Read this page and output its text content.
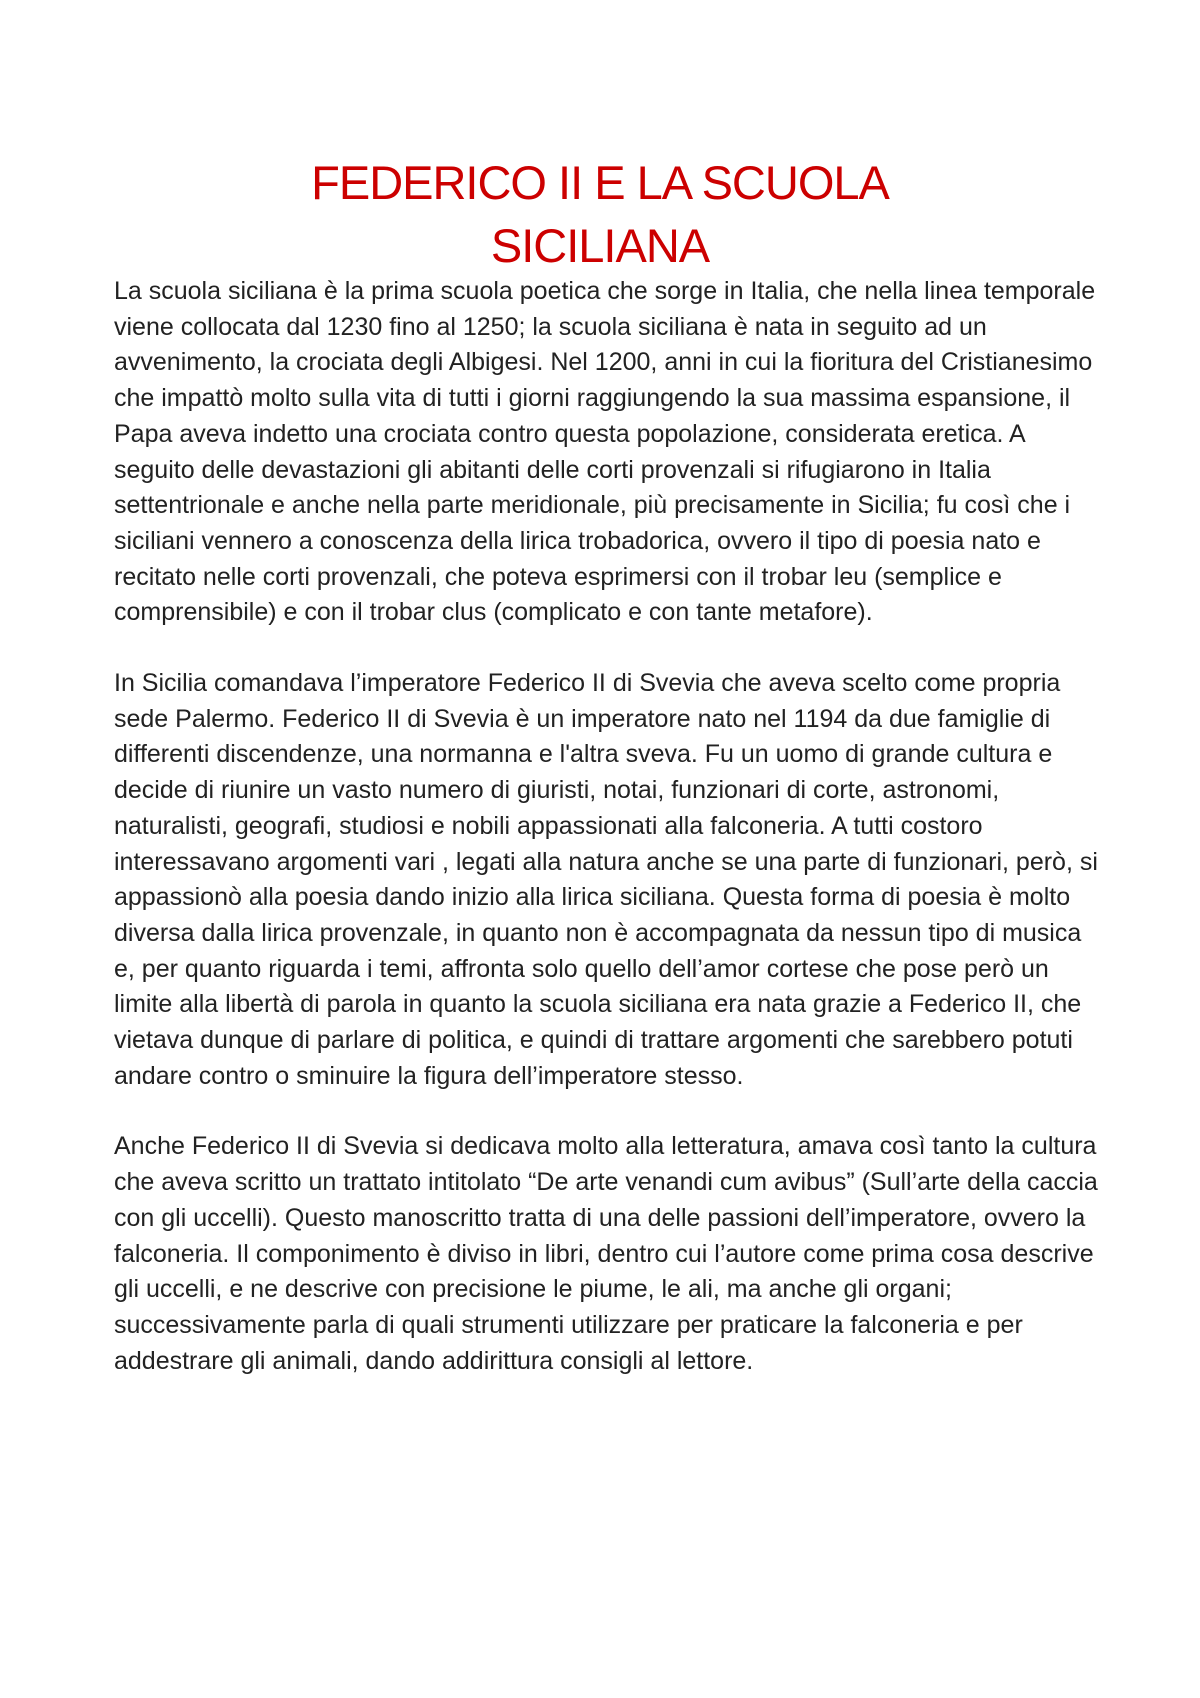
FEDERICO II E LA SCUOLA
SICILIANA

La scuola siciliana è la prima scuola poetica che sorge in Italia, che nella linea temporale viene collocata dal 1230 fino al 1250; la scuola siciliana è nata in seguito ad un avvenimento, la crociata degli Albigesi. Nel 1200, anni in cui la fioritura del Cristianesimo che impattò molto sulla vita di tutti i giorni raggiungendo la sua massima espansione, il Papa aveva indetto una crociata contro questa popolazione, considerata eretica. A seguito delle devastazioni gli abitanti delle corti provenzali si rifugiarono in Italia settentrionale e anche nella parte meridionale, più precisamente in Sicilia; fu così che i siciliani vennero a conoscenza della lirica trobadorica, ovvero il tipo di poesia nato e recitato nelle corti provenzali, che poteva esprimersi con il trobar leu (semplice e comprensibile) e con il trobar clus (complicato e con tante metafore).

In Sicilia comandava l’imperatore Federico II di Svevia che aveva scelto come propria sede Palermo. Federico II di Svevia è un imperatore nato nel 1194 da due famiglie di differenti discendenze, una normanna e l'altra sveva. Fu un uomo di grande cultura e decide di riunire un vasto numero di giuristi, notai, funzionari di corte, astronomi, naturalisti, geografi, studiosi e nobili appassionati alla falconeria. A tutti costoro interessavano argomenti vari , legati alla natura anche se una parte di funzionari, però, si appassionò alla poesia dando inizio alla lirica siciliana. Questa forma di poesia è molto diversa dalla lirica provenzale, in quanto non è accompagnata da nessun tipo di musica e, per quanto riguarda i temi, affronta solo quello dell’amor cortese che pose però un limite alla libertà di parola in quanto la scuola siciliana era nata grazie a Federico II, che vietava dunque di parlare di politica, e quindi di trattare argomenti che sarebbero potuti andare contro o sminuire la figura dell’imperatore stesso.

Anche Federico II di Svevia si dedicava molto alla letteratura, amava così tanto la cultura che aveva scritto un trattato intitolato “De arte venandi cum avibus” (Sull’arte della caccia con gli uccelli). Questo manoscritto tratta di una delle passioni dell’imperatore, ovvero la falconeria. Il componimento è diviso in libri, dentro cui l’autore come prima cosa descrive gli uccelli, e ne descrive con precisione le piume, le ali, ma anche gli organi; successivamente parla di quali strumenti utilizzare per praticare la falconeria e per addestrare gli animali, dando addirittura consigli al lettore.
